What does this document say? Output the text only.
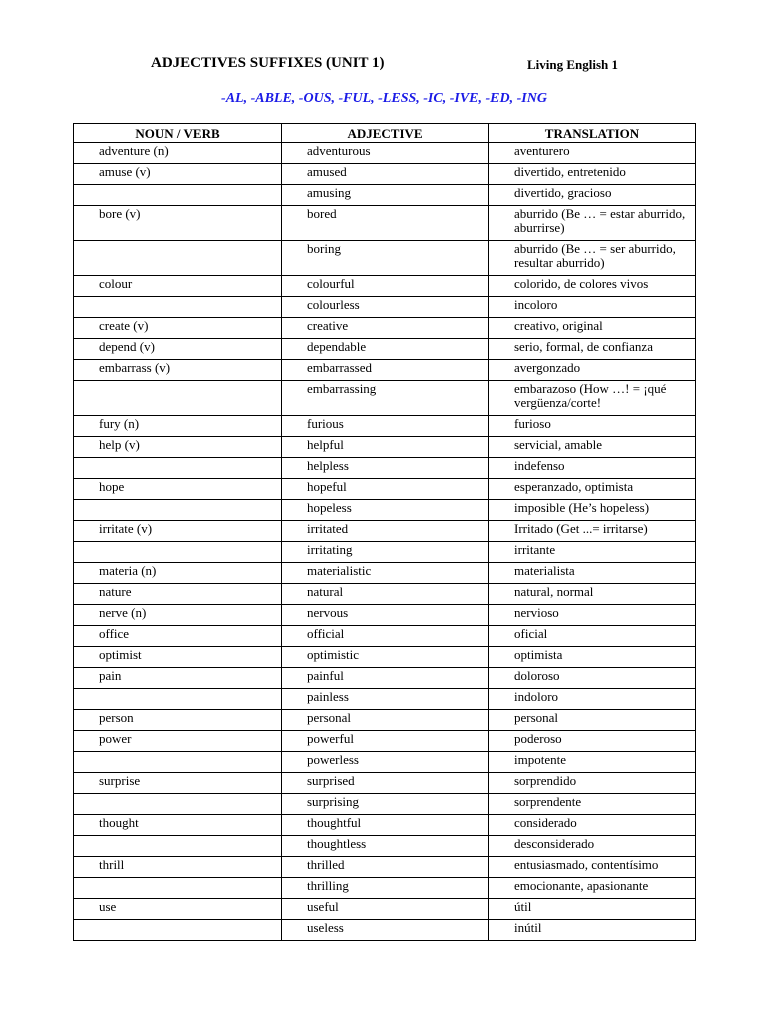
ADJECTIVES SUFFIXES (UNIT 1)	Living English 1
-AL, -ABLE, -OUS, -FUL, -LESS, -IC, -IVE, -ED, -ING
NOUN / VERB	ADJECTIVE	TRANSLATION
adventure (n)	adventurous	aventurero
amuse (v)	amused	divertido, entretenido
	amusing	divertido, gracioso
bore (v)	bored	aburrido (Be … = estar aburrido, aburrirse)
	boring	aburrido (Be … = ser aburrido, resultar aburrido)
colour	colourful	colorido, de colores vivos
	colourless	incoloro
create (v)	creative	creativo, original
depend (v)	dependable	serio, formal, de confianza
embarrass (v)	embarrassed	avergonzado
	embarrassing	embarazoso (How …! = ¡qué vergüenza/corte!
fury (n)	furious	furioso
help (v)	helpful	servicial, amable
	helpless	indefenso
hope	hopeful	esperanzado, optimista
	hopeless	imposible (He’s hopeless)
irritate (v)	irritated	Irritado (Get ...= irritarse)
	irritating	irritante
materia (n)	materialistic	materialista
nature	natural	natural, normal
nerve (n)	nervous	nervioso
office	official	oficial
optimist	optimistic	optimista
pain	painful	doloroso
	painless	indoloro
person	personal	personal
power	powerful	poderoso
	powerless	impotente
surprise	surprised	sorprendido
	surprising	sorprendente
thought	thoughtful	considerado
	thoughtless	desconsiderado
thrill	thrilled	entusiasmado, contentísimo
	thrilling	emocionante, apasionante
use	useful	útil
	useless	inútil
